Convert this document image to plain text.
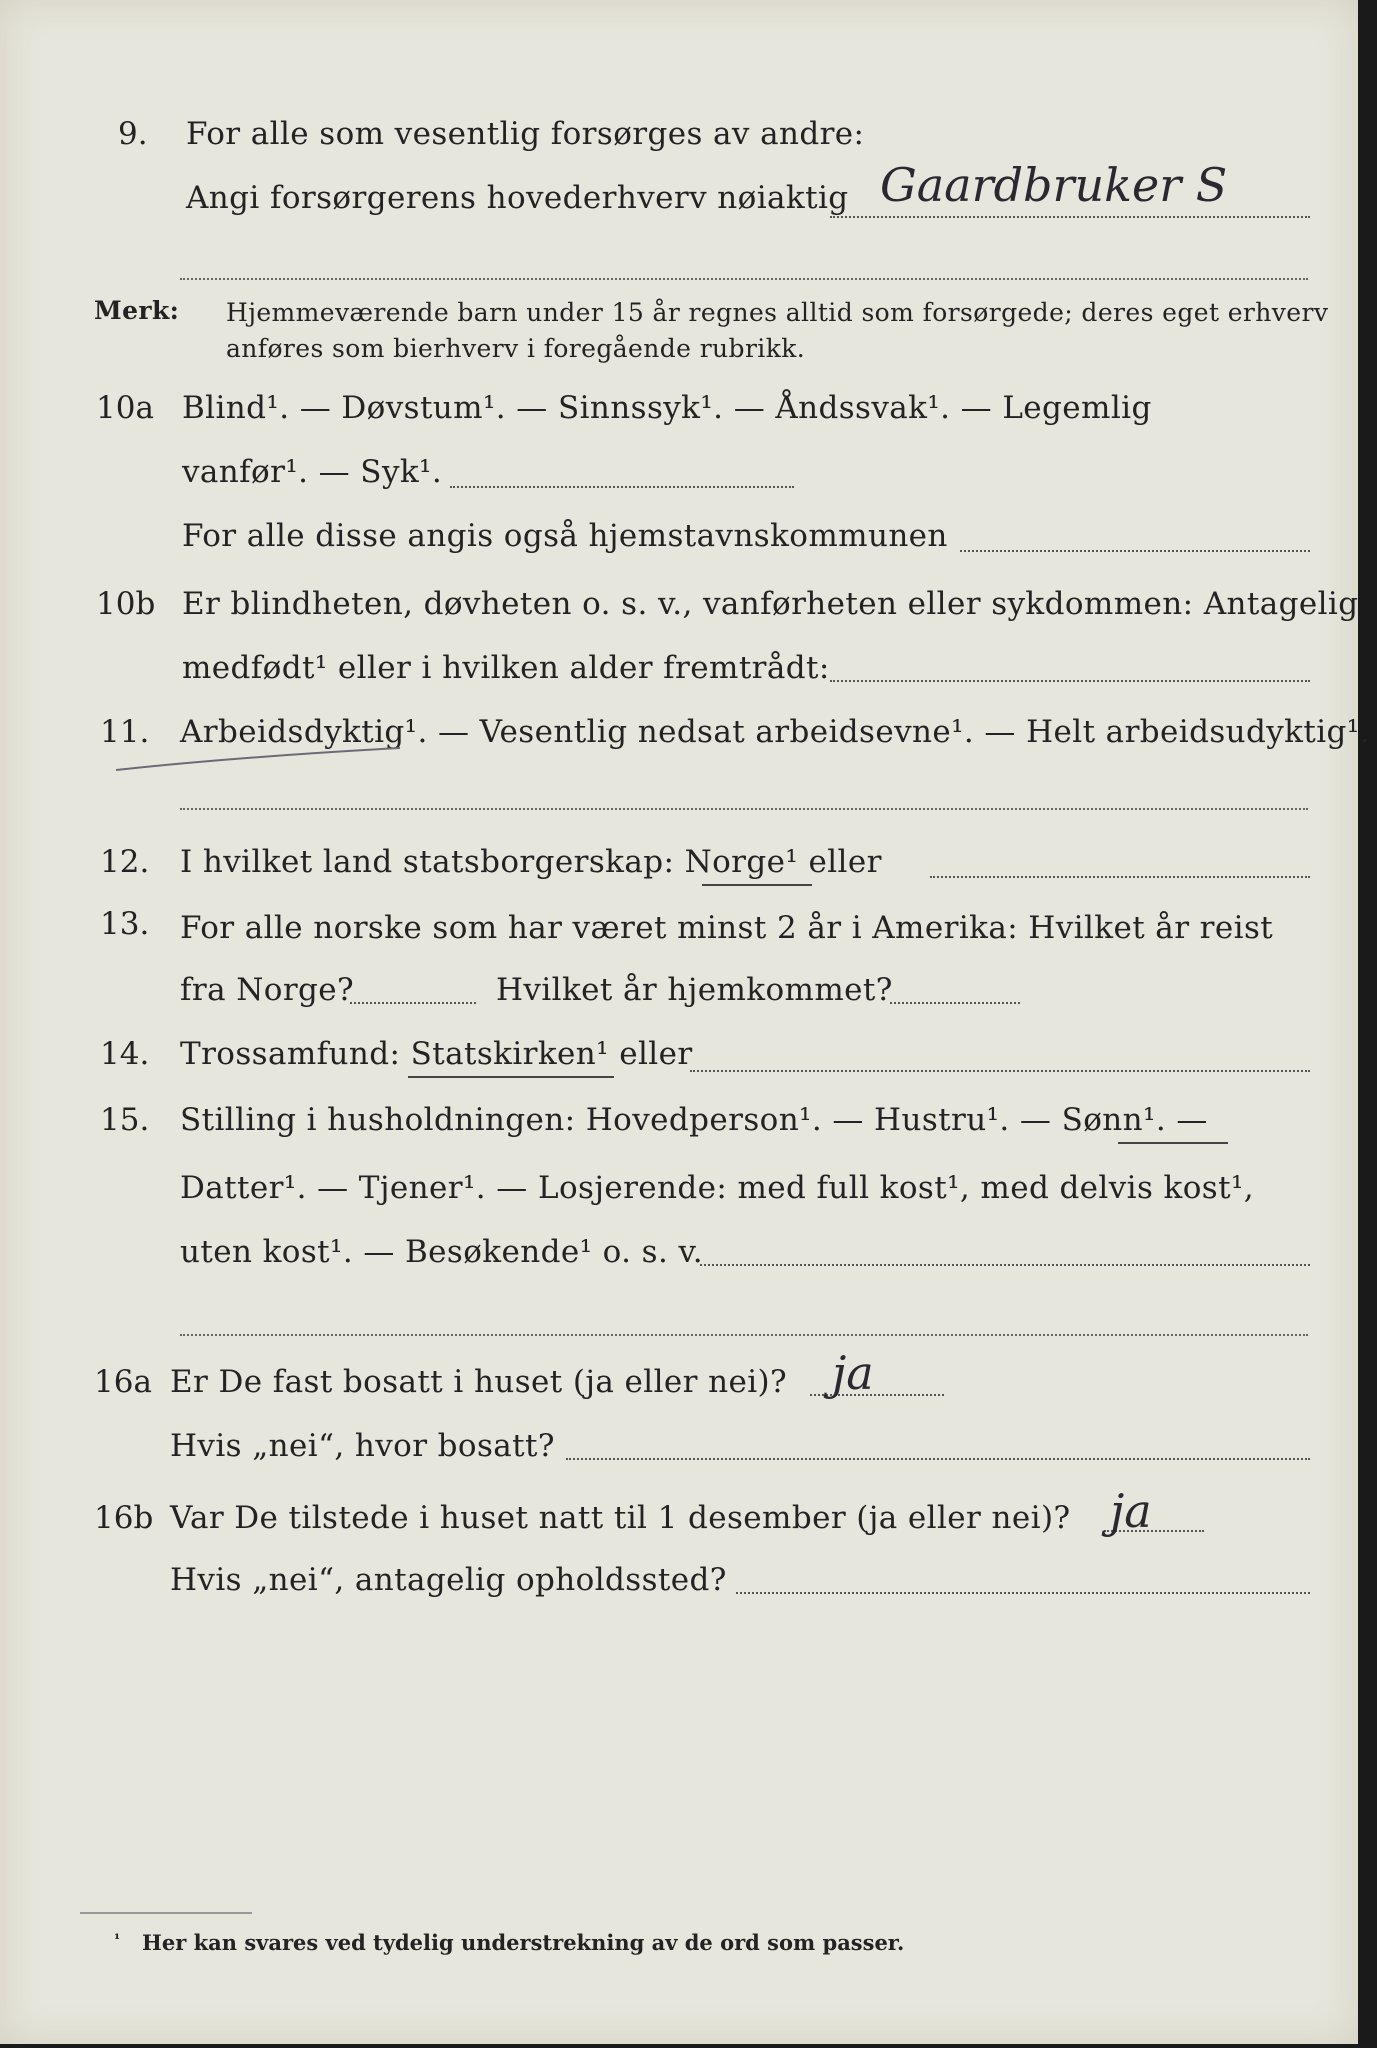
9. For alle som vesentlig forsørges av andre:
Angi forsørgerens hovederhverv nøiaktig Gaardbruker S
Merk: Hjemmeværende barn under 15 år regnes alltid som forsørgede; deres eget erhverv
anføres som bierhverv i foregående rubrikk.
10a Blind¹. — Døvstum¹. — Sinnssyk¹. — Åndssvak¹. — Legemlig
vanfør¹. — Syk¹.
For alle disse angis også hjemstavnskommunen
10b Er blindheten, døvheten o. s. v., vanførheten eller sykdommen: Antagelig
medfødt¹ eller i hvilken alder fremtrådt:
11. Arbeidsdyktig¹. — Vesentlig nedsat arbeidsevne¹. — Helt arbeidsudyktig¹.
12. I hvilket land statsborgerskap: Norge¹ eller
13. For alle norske som har været minst 2 år i Amerika: Hvilket år reist
fra Norge?	Hvilket år hjemkommet?
14. Trossamfund: Statskirken¹ eller
15. Stilling i husholdningen: Hovedperson¹. — Hustru¹. — Sønn¹. —
Datter¹. — Tjener¹. — Losjerende: med full kost¹, med delvis kost¹,
uten kost¹. — Besøkende¹ o. s. v.
16a Er De fast bosatt i huset (ja eller nei)? ja
Hvis „nei“, hvor bosatt?
16b Var De tilstede i huset natt til 1 desember (ja eller nei)? ja
Hvis „nei“, antagelig opholdssted?
¹ Her kan svares ved tydelig understrekning av de ord som passer.
